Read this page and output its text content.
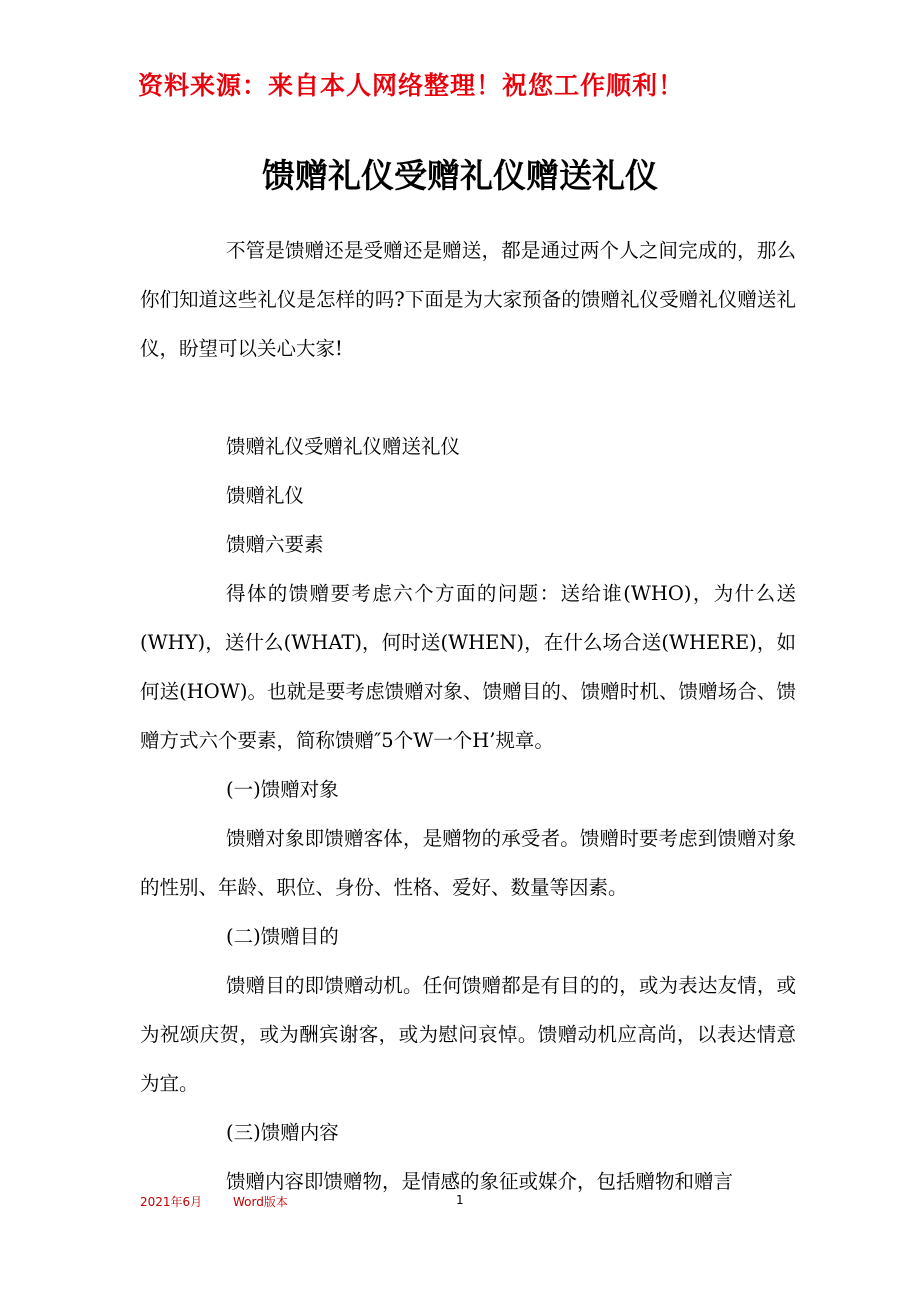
资料来源：来自本人网络整理！祝您工作顺利！
馈赠礼仪受赠礼仪赠送礼仪

不管是馈赠还是受赠还是赠送，都是通过两个人之间完成的，那么你们知道这些礼仪是怎样的吗?下面是为大家预备的馈赠礼仪受赠礼仪赠送礼仪，盼望可以关心大家!

馈赠礼仪受赠礼仪赠送礼仪

馈赠礼仪

馈赠六要素

得体的馈赠要考虑六个方面的问题：送给谁(WHO)，为什么送(WHY)，送什么(WHAT)，何时送(WHEN)，在什么场合送(WHERE)，如何送(HOW)。也就是要考虑馈赠对象、馈赠目的、馈赠时机、馈赠场合、馈赠方式六个要素，简称馈赠″5个W一个H’规章。

(一)馈赠对象

馈赠对象即馈赠客体，是赠物的承受者。馈赠时要考虑到馈赠对象的性别、年龄、职位、身份、性格、爱好、数量等因素。

(二)馈赠目的

馈赠目的即馈赠动机。任何馈赠都是有目的的，或为表达友情，或为祝颂庆贺，或为酬宾谢客，或为慰问哀悼。馈赠动机应高尚，以表达情意为宜。

(三)馈赠内容

馈赠内容即馈赠物，是情感的象征或媒介，包括赠物和赠言

2021年6月	Word版本	1
